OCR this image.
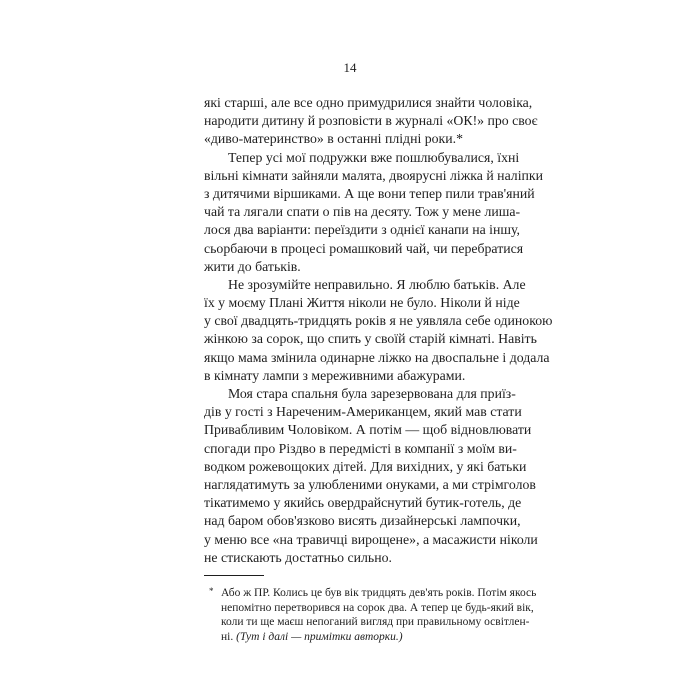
14
які старші, але все одно примудрилися знайти чоловіка,
народити дитину й розповісти в журналі «ОК!» про своє
«диво-материнство» в останні плідні роки.*
Тепер усі мої подружки вже пошлюбувалися, їхні
вільні кімнати зайняли малята, двоярусні ліжка й наліпки
з дитячими віршиками. А ще вони тепер пили трав'яний
чай та лягали спати о пів на десяту. Тож у мене лиша-
лося два варіанти: переїздити з однієї канапи на іншу,
сьорбаючи в процесі ромашковий чай, чи перебратися
жити до батьків.
Не зрозумійте неправильно. Я люблю батьків. Але
їх у моєму Плані Життя ніколи не було. Ніколи й ніде
у свої двадцять-тридцять років я не уявляла себе одинокою
жінкою за сорок, що спить у своїй старій кімнаті. Навіть
якщо мама змінила одинарне ліжко на двоспальне і додала
в кімнату лампи з мереживними абажурами.
Моя стара спальня була зарезервована для приїз-
дів у гості з Нареченим-Американцем, який мав стати
Привабливим Чоловіком. А потім — щоб відновлювати
спогади про Різдво в передмісті в компанії з моїм ви-
водком рожевощоких дітей. Для вихідних, у які батьки
наглядатимуть за улюбленими онуками, а ми стрімголов
тікатимемо у якийсь овердрайснутий бутик-готель, де
над баром обов'язково висять дизайнерські лампочки,
у меню все «на травичці вирощене», а масажисти ніколи
не стискають достатньо сильно.
* Або ж ПР. Колись це був вік тридцять дев'ять років. Потім якось
непомітно перетворився на сорок два. А тепер це будь-який вік,
коли ти ще маєш непоганий вигляд при правильному освітлен-
ні. (Тут і далі — примітки авторки.)
